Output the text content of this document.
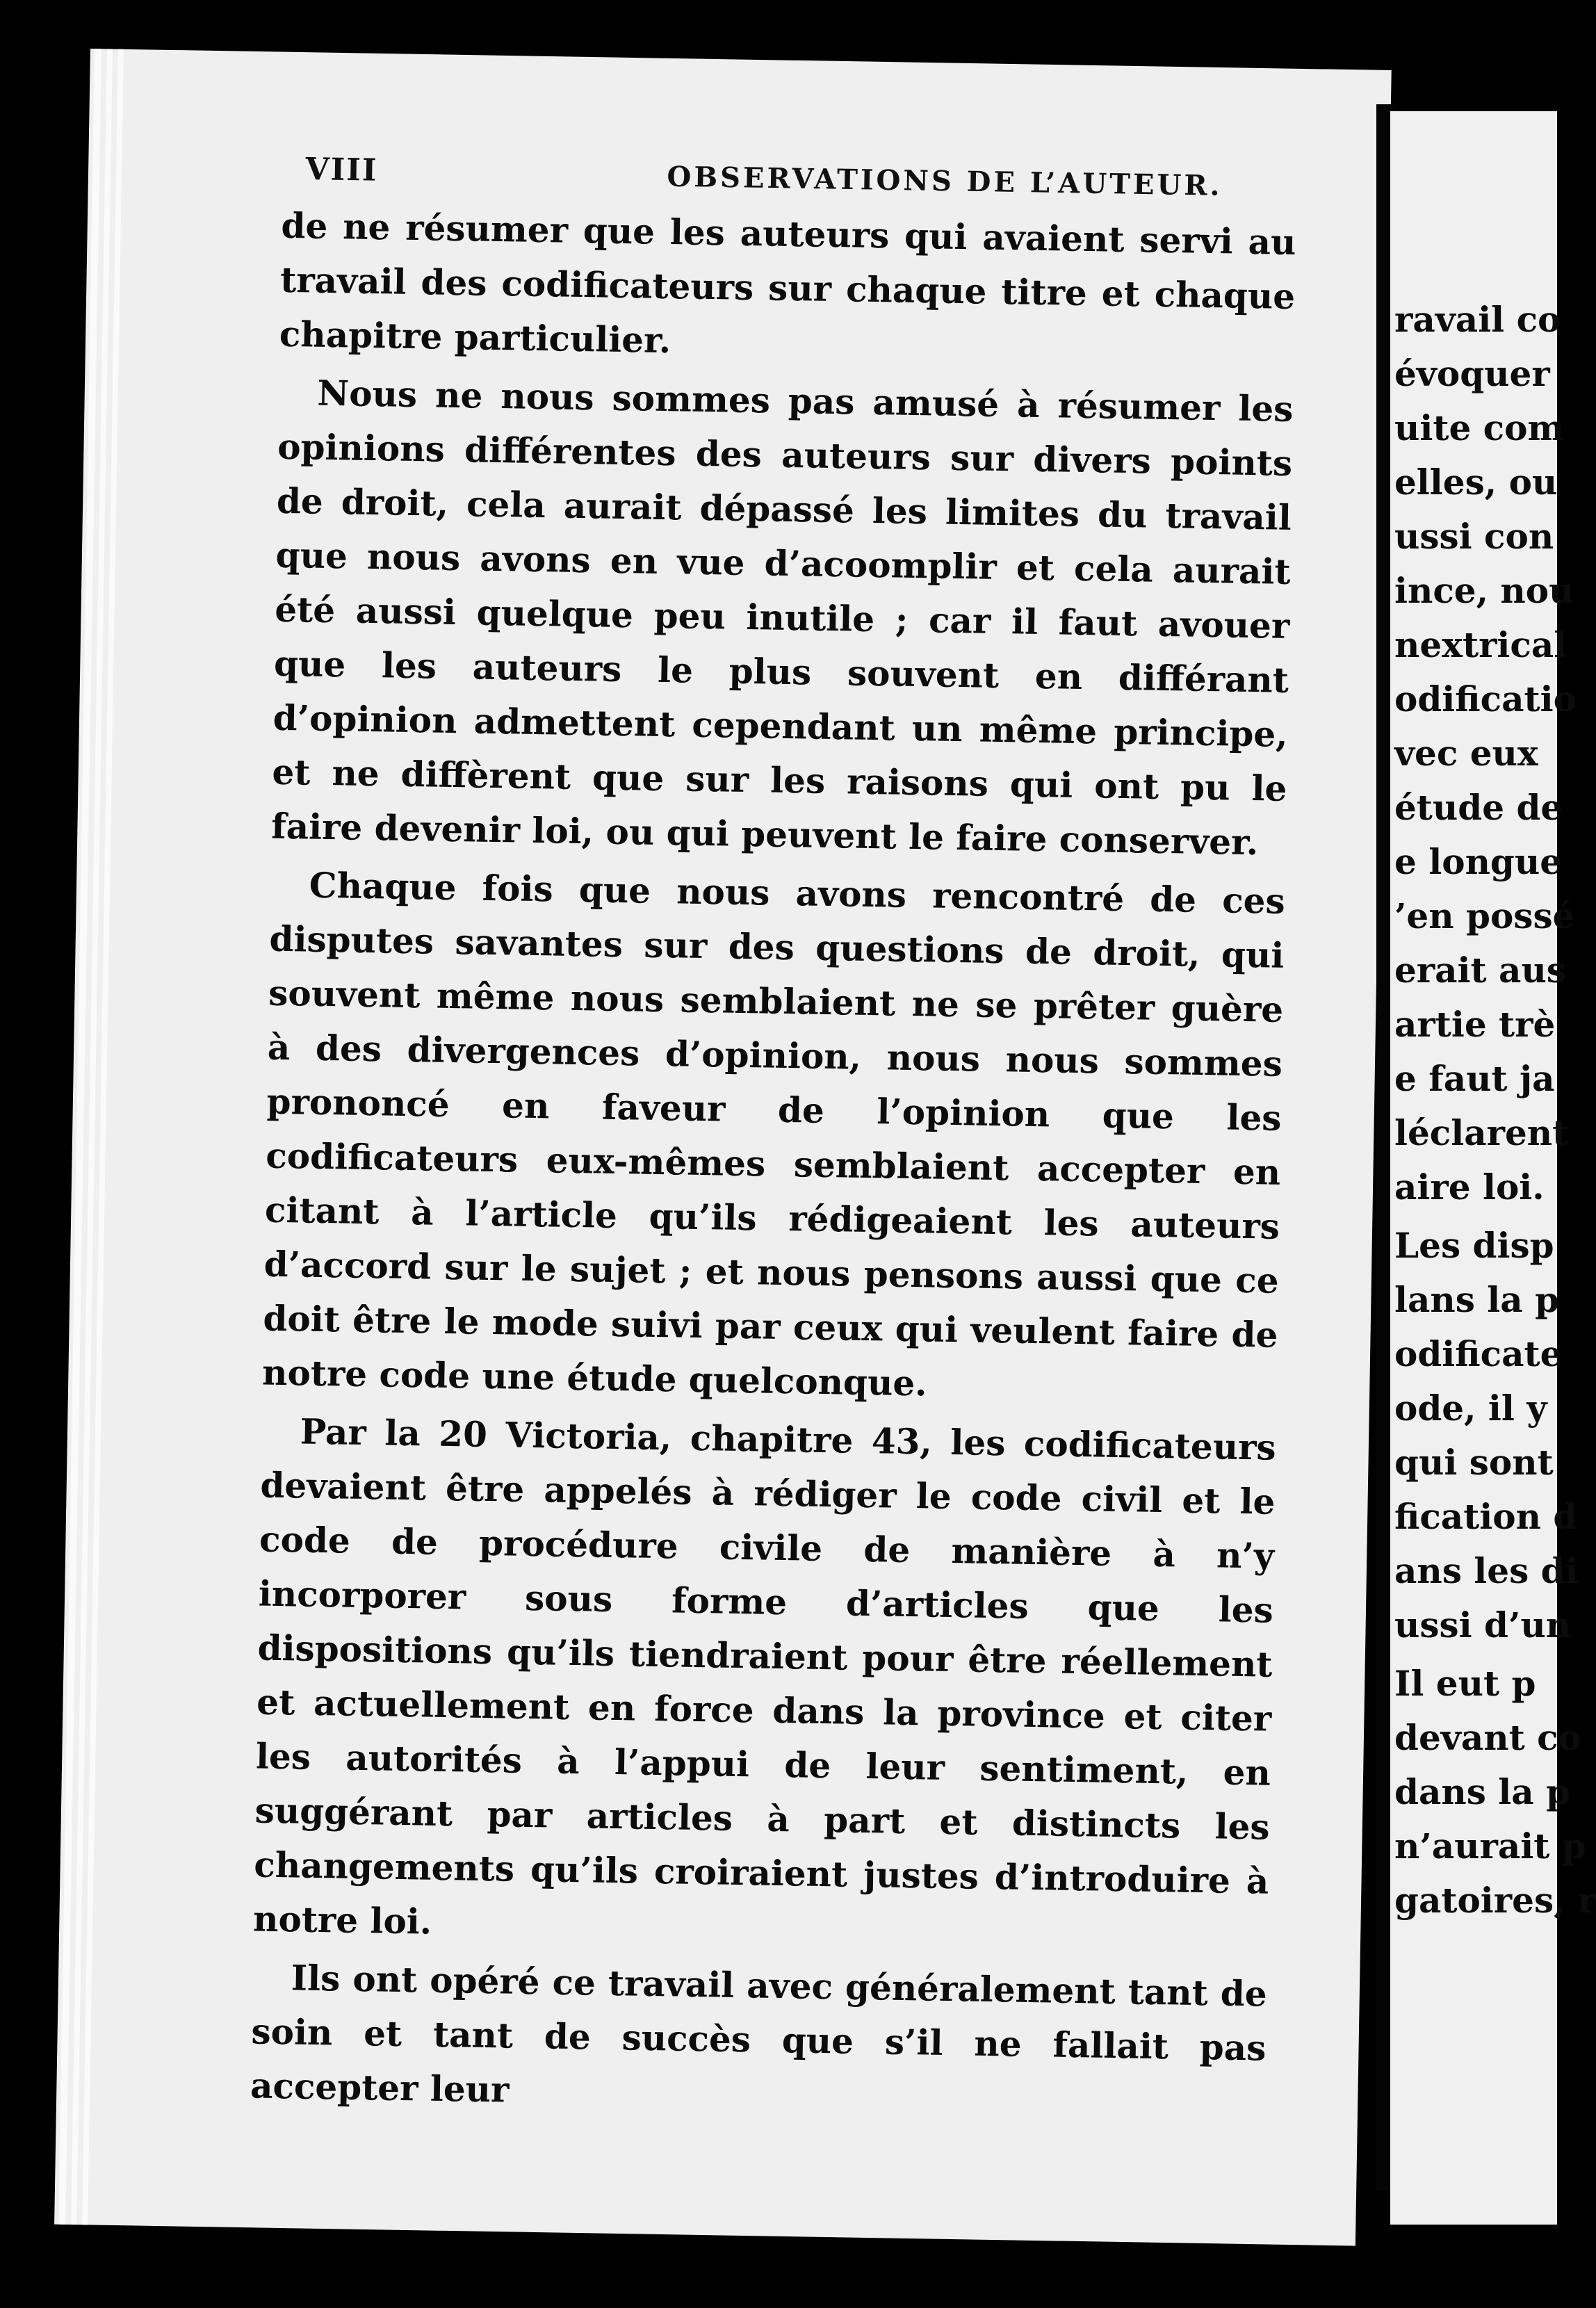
VIII	OBSERVATIONS DE L’AUTEUR.

de ne résumer que les auteurs qui avaient servi au travail des codificateurs sur chaque titre et chaque chapitre particulier.

Nous ne nous sommes pas amusé à résumer les opinions différentes des auteurs sur divers points de droit, cela aurait dépassé les limites du travail que nous avons en vue d’acoomplir et cela aurait été aussi quelque peu inutile ; car il faut avouer que les auteurs le plus souvent en différant d’opinion admettent cependant un même principe, et ne diffèrent que sur les raisons qui ont pu le faire devenir loi, ou qui peuvent le faire conserver.

Chaque fois que nous avons rencontré de ces disputes savantes sur des questions de droit, qui souvent même nous semblaient ne se prêter guère à des divergences d’opinion, nous nous sommes prononcé en faveur de l’opinion que les codificateurs eux-mêmes semblaient accepter en citant à l’article qu’ils rédigeaient les auteurs d’accord sur le sujet ; et nous pensons aussi que ce doit être le mode suivi par ceux qui veulent faire de notre code une étude quelconque.

Par la 20 Victoria, chapitre 43, les codificateurs devaient être appelés à rédiger le code civil et le code de procédure civile de manière à n’y incorporer sous forme d’articles que les dispositions qu’ils tiendraient pour être réellement et actuellement en force dans la province et citer les autorités à l’appui de leur sentiment, en suggérant par articles à part et distincts les changements qu’ils croiraient justes d’introduire à notre loi.

Ils ont opéré ce travail avec généralement tant de soin et tant de succès que s’il ne fallait pas accepter leur

ravail co
évoquer
uite com
elles, ou
ussi con
ince, nou
nextrical
odificatio
vec eux
étude de
e longue
’en possé
erait aus
artie trè
e faut ja
léclarent
aire loi.
Les disp
lans la p
odificate
ode, il y
qui sont
fication d
ans les di
ussi d’un
Il eut p
devant co
dans la p
n’aurait p
gatoires, r
